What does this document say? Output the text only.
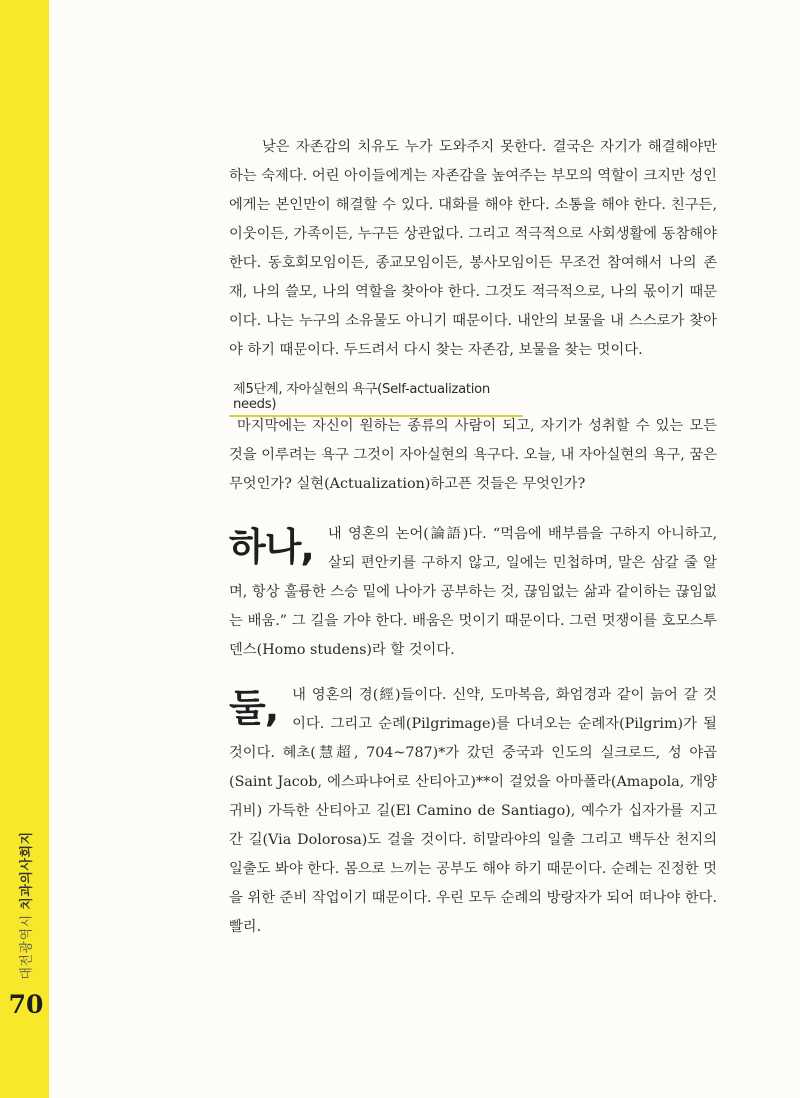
대전광역시 치과의사회지
70

낮은 자존감의 치유도 누가 도와주지 못한다. 결국은 자기가 해결해야만 하는 숙제다. 어린 아이들에게는 자존감을 높여주는 부모의 역할이 크지만 성인에게는 본인만이 해결할 수 있다. 대화를 해야 한다. 소통을 해야 한다. 친구든, 이웃이든, 가족이든, 누구든 상관없다. 그리고 적극적으로 사회생활에 동참해야 한다. 동호회모임이든, 종교모임이든, 봉사모임이든 무조건 참여해서 나의 존재, 나의 쓸모, 나의 역할을 찾아야 한다. 그것도 적극적으로, 나의 몫이기 때문이다. 나는 누구의 소유물도 아니기 때문이다. 내안의 보물을 내 스스로가 찾아야 하기 때문이다. 두드려서 다시 찾는 자존감, 보물을 찾는 멋이다.

제5단계, 자아실현의 욕구(Self-actualization needs)

마지막에는 자신이 원하는 종류의 사람이 되고, 자기가 성취할 수 있는 모든 것을 이루려는 욕구 그것이 자아실현의 욕구다. 오늘, 내 자아실현의 욕구, 꿈은 무엇인가? 실현(Actualization)하고픈 것들은 무엇인가?

하나, 내 영혼의 논어(論語)다. “먹음에 배부름을 구하지 아니하고, 살되 편안키를 구하지 않고, 일에는 민첩하며, 말은 삼갈 줄 알며, 항상 훌륭한 스승 밑에 나아가 공부하는 것, 끊임없는 삶과 같이하는 끊임없는 배움.” 그 길을 가야 한다. 배움은 멋이기 때문이다. 그런 멋쟁이를 호모스투덴스(Homo studens)라 할 것이다.

둘, 내 영혼의 경(經)들이다. 신약, 도마복음, 화엄경과 같이 늙어 갈 것이다. 그리고 순례(Pilgrimage)를 다녀오는 순례자(Pilgrim)가 될 것이다. 혜초(慧超, 704~787)*가 갔던 중국과 인도의 실크로드, 성 야곱(Saint Jacob, 에스파냐어로 산티아고)**이 걸었을 아마폴라(Amapola, 개양귀비) 가득한 산티아고 길(El Camino de Santiago), 예수가 십자가를 지고 간 길(Via Dolorosa)도 걸을 것이다. 히말라야의 일출 그리고 백두산 천지의 일출도 봐야 한다. 몸으로 느끼는 공부도 해야 하기 때문이다. 순례는 진정한 멋을 위한 준비 작업이기 때문이다. 우린 모두 순례의 방랑자가 되어 떠나야 한다. 빨리.
